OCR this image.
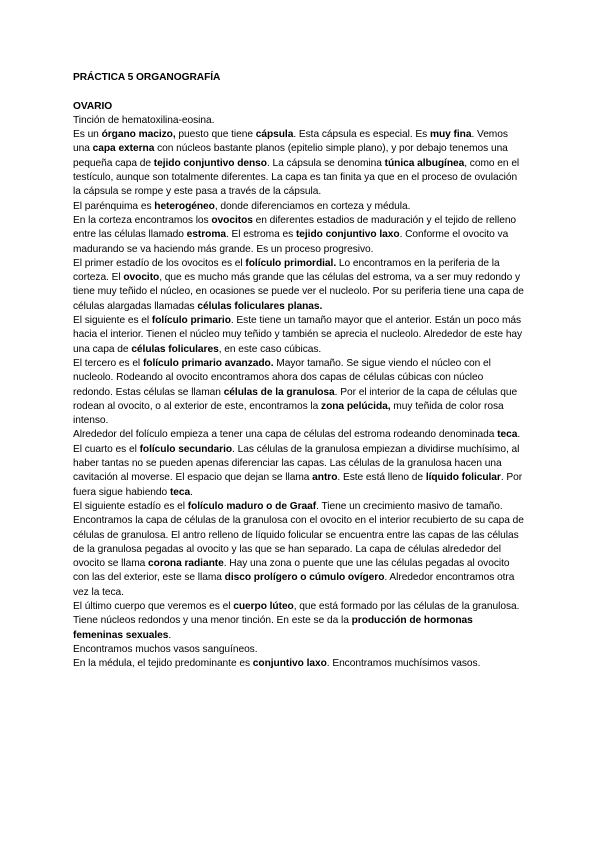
PRÁCTICA 5 ORGANOGRAFÍA
OVARIO

Tinción de hematoxilina-eosina.

Es un órgano macizo, puesto que tiene cápsula. Esta cápsula es especial. Es muy fina. Vemos una capa externa con núcleos bastante planos (epitelio simple plano), y por debajo tenemos una pequeña capa de tejido conjuntivo denso. La cápsula se denomina túnica albugínea, como en el testículo, aunque son totalmente diferentes. La capa es tan finita ya que en el proceso de ovulación la cápsula se rompe y este pasa a través de la cápsula.

El parénquima es heterogéneo, donde diferenciamos en corteza y médula.

En la corteza encontramos los ovocitos en diferentes estadios de maduración y el tejido de relleno entre las células llamado estroma. El estroma es tejido conjuntivo laxo. Conforme el ovocito va madurando se va haciendo más grande. Es un proceso progresivo.

El primer estadío de los ovocitos es el folículo primordial. Lo encontramos en la periferia de la corteza. El ovocito, que es mucho más grande que las células del estroma, va a ser muy redondo y tiene muy teñido el núcleo, en ocasiones se puede ver el nucleolo. Por su periferia tiene una capa de células alargadas llamadas células foliculares planas.

El siguiente es el folículo primario. Este tiene un tamaño mayor que el anterior. Están un poco más hacia el interior. Tienen el núcleo muy teñido y también se aprecia el nucleolo. Alrededor de este hay una capa de células foliculares, en este caso cúbicas.

El tercero es el folículo primario avanzado. Mayor tamaño. Se sigue viendo el núcleo con el nucleolo. Rodeando al ovocito encontramos ahora dos capas de células cúbicas con núcleo redondo. Estas células se llaman células de la granulosa. Por el interior de la capa de células que rodean al ovocito, o al exterior de este, encontramos la zona pelúcida, muy teñida de color rosa intenso.

Alrededor del folículo empieza a tener una capa de células del estroma rodeando denominada teca.

El cuarto es el folículo secundario. Las células de la granulosa empiezan a dividirse muchísimo, al haber tantas no se pueden apenas diferenciar las capas. Las células de la granulosa hacen una cavitación al moverse. El espacio que dejan se llama antro. Este está lleno de líquido folicular. Por fuera sigue habiendo teca.

El siguiente estadío es el folículo maduro o de Graaf. Tiene un crecimiento masivo de tamaño. Encontramos la capa de células de la granulosa con el ovocito en el interior recubierto de su capa de células de granulosa. El antro relleno de líquido folicular se encuentra entre las capas de las células de la granulosa pegadas al ovocito y las que se han separado. La capa de células alrededor del ovocito se llama corona radiante. Hay una zona o puente que une las células pegadas al ovocito con las del exterior, este se llama disco prolígero o cúmulo ovígero. Alrededor encontramos otra vez la teca.

El último cuerpo que veremos es el cuerpo lúteo, que está formado por las células de la granulosa. Tiene núcleos redondos y una menor tinción. En este se da la producción de hormonas femeninas sexuales.

Encontramos muchos vasos sanguíneos.

En la médula, el tejido predominante es conjuntivo laxo. Encontramos muchísimos vasos.
